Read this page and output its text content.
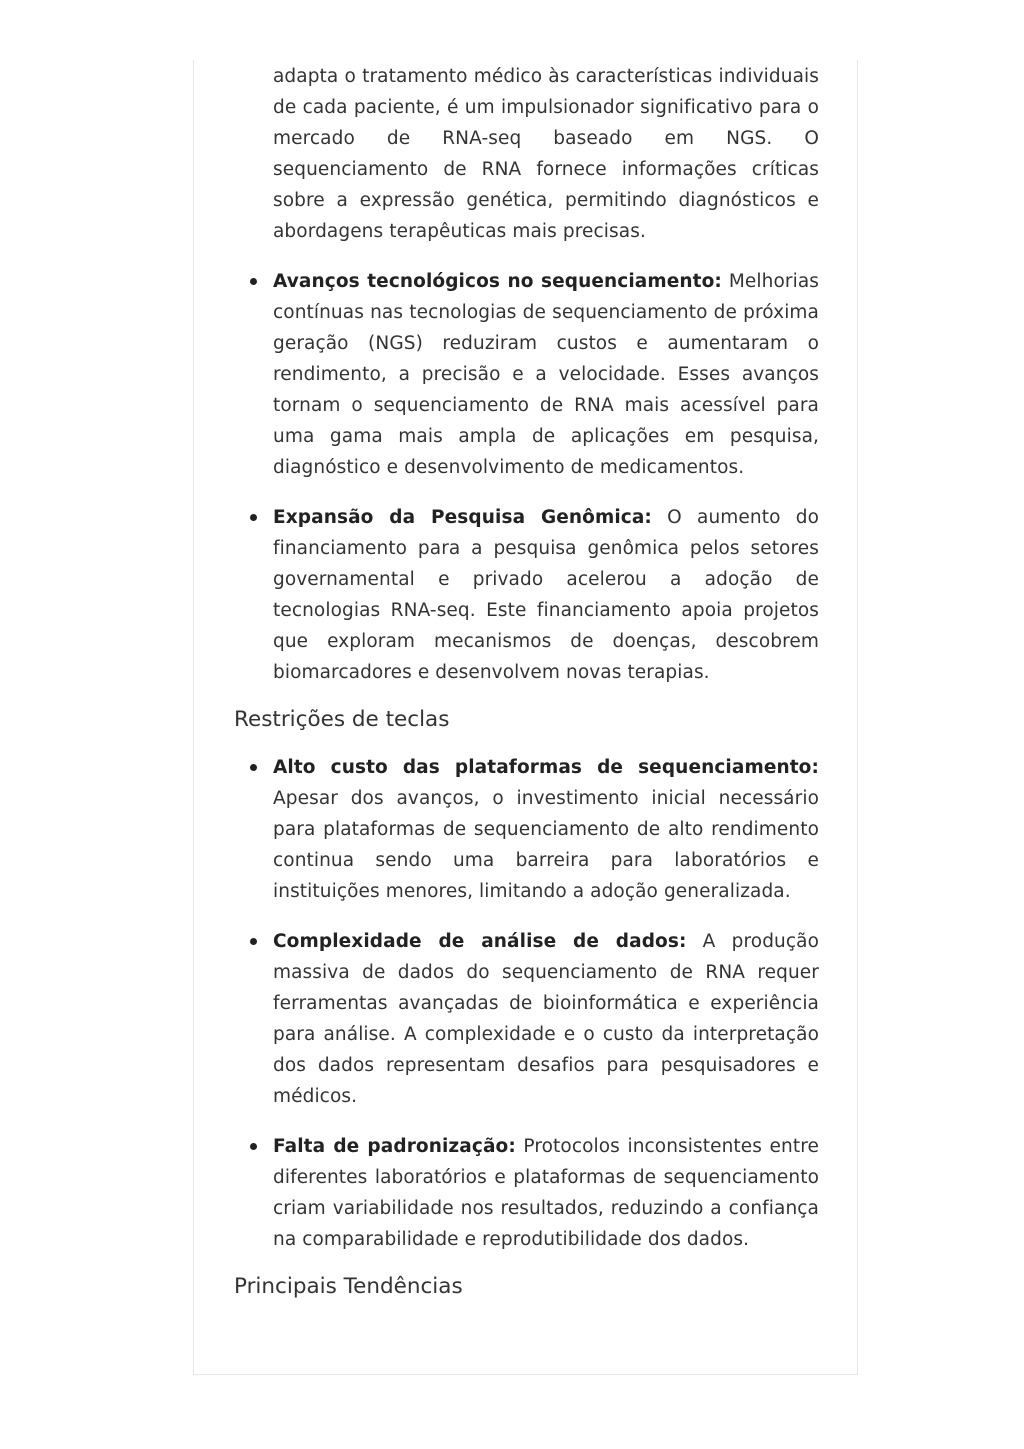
adapta o tratamento médico às características individuais de cada paciente, é um impulsionador significativo para o mercado de RNA-seq baseado em NGS. O sequenciamento de RNA fornece informações críticas sobre a expressão genética, permitindo diagnósticos e abordagens terapêuticas mais precisas.

Avanços tecnológicos no sequenciamento: Melhorias contínuas nas tecnologias de sequenciamento de próxima geração (NGS) reduziram custos e aumentaram o rendimento, a precisão e a velocidade. Esses avanços tornam o sequenciamento de RNA mais acessível para uma gama mais ampla de aplicações em pesquisa, diagnóstico e desenvolvimento de medicamentos.

Expansão da Pesquisa Genômica: O aumento do financiamento para a pesquisa genômica pelos setores governamental e privado acelerou a adoção de tecnologias RNA-seq. Este financiamento apoia projetos que exploram mecanismos de doenças, descobrem biomarcadores e desenvolvem novas terapias.

Restrições de teclas

Alto custo das plataformas de sequenciamento: Apesar dos avanços, o investimento inicial necessário para plataformas de sequenciamento de alto rendimento continua sendo uma barreira para laboratórios e instituições menores, limitando a adoção generalizada.

Complexidade de análise de dados: A produção massiva de dados do sequenciamento de RNA requer ferramentas avançadas de bioinformática e experiência para análise. A complexidade e o custo da interpretação dos dados representam desafios para pesquisadores e médicos.

Falta de padronização: Protocolos inconsistentes entre diferentes laboratórios e plataformas de sequenciamento criam variabilidade nos resultados, reduzindo a confiança na comparabilidade e reprodutibilidade dos dados.

Principais Tendências
